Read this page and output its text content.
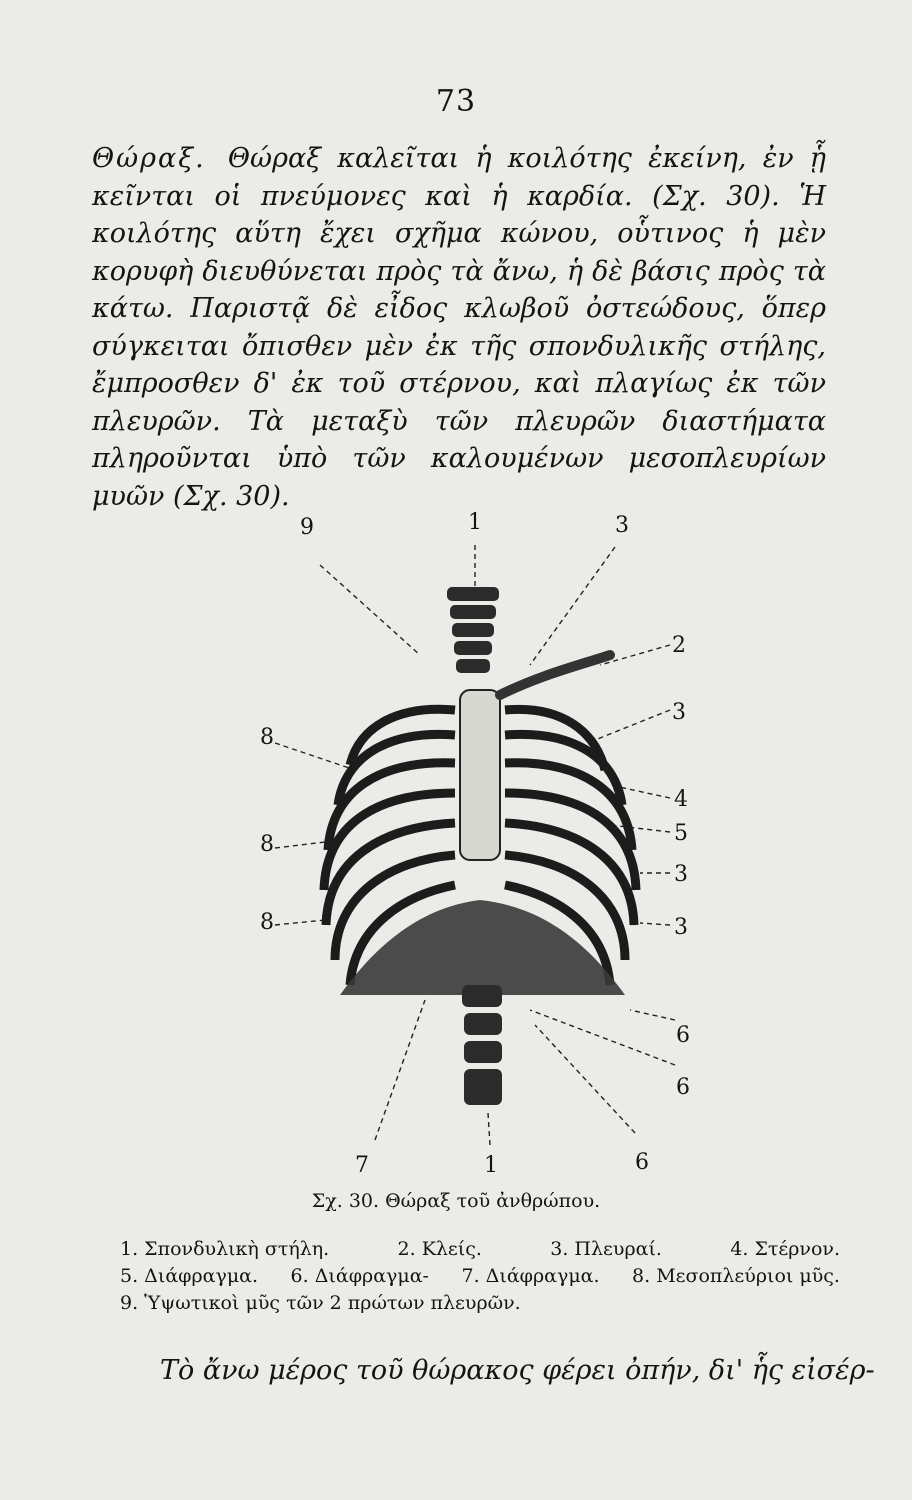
73

Θώραξ. Θώραξ καλεῖται ἡ κοιλότης ἐκείνη, ἐν ᾗ κεῖνται οἱ πνεύμονες καὶ ἡ καρδία. (Σχ. 30). Ἡ κοιλότης αὕτη ἔχει σχῆμα κώνου, οὗτινος ἡ μὲν κορυφὴ διευθύνεται πρὸς τὰ ἄνω, ἡ δὲ βάσις πρὸς τὰ κάτω. Παριστᾷ δὲ εἶδος κλωβοῦ ὀστεώδους, ὅπερ σύγκειται ὄπισθεν μὲν ἐκ τῆς σπονδυλικῆς στήλης, ἔμπροσθεν δ' ἐκ τοῦ στέρνου, καὶ πλαγίως ἐκ τῶν πλευρῶν. Τὰ μεταξὺ τῶν πλευρῶν διαστήματα πληροῦνται ὑπὸ τῶν καλουμένων μεσοπλευρίων μυῶν (Σχ. 30).

9	1	3
2
3
4
5
3
3
6
6
8
8
8
7	1	6

Σχ. 30. Θώραξ τοῦ ἀνθρώπου.

1. Σπονδυλικὴ στήλη.	2. Κλείς.	3. Πλευραί.	4. Στέρνον.
5. Διάφραγμα. 6. Διάφραγμα- 7. Διάφραγμα. 8. Μεσοπλεύριοι μῦς.
9. Ὑψωτικοὶ μῦς τῶν 2 πρώτων πλευρῶν.

Τὸ ἄνω μέρος τοῦ θώρακος φέρει ὀπήν, δι' ἧς εἰσέρ-
